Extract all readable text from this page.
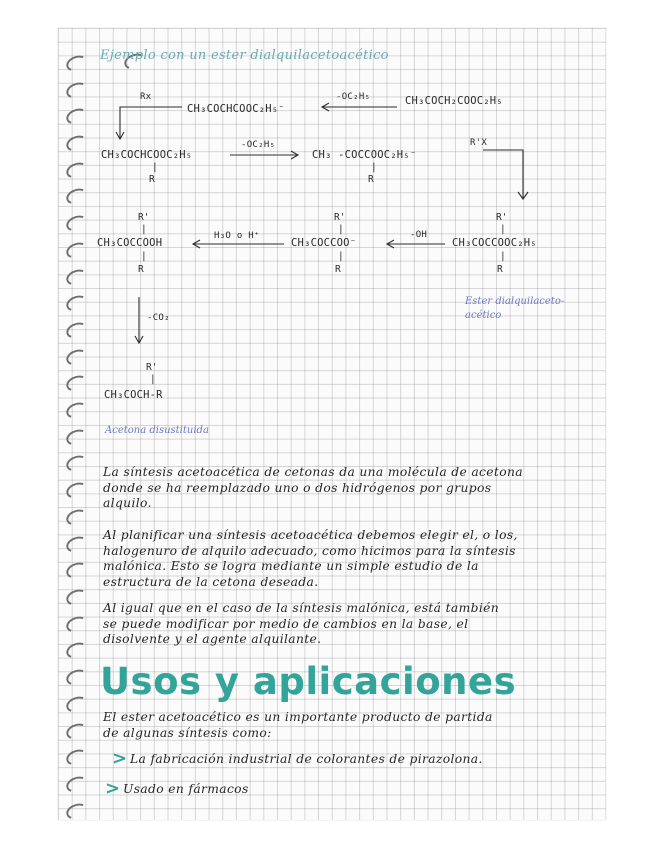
Ejemplo con un ester dialquilacetoacético
CH₃COCH₂COOC₂H₅
-OC₂H₅
CH₃COCHCOOC₂H₅⁻
Rx
CH₃COCHCOOC₂H₅
|
R
-OC₂H₅
CH₃ -COCCOOC₂H₅⁻
|
R
R'X
R'
|
CH₃COCCOOC₂H₅
|
R
Ester dialquilaceto-acético
-OH
R'
|
CH₃COCCOO⁻
|
R
H₃O o H⁺
R'
|
CH₃COCCOOH
|
R
-CO₂
R'
|
CH₃COCH-R
Acetona disustituida
La síntesis acetoacética de cetonas da una molécula de acetona
donde se ha reemplazado uno o dos hidrógenos por grupos
alquilo.
Al planificar una síntesis acetoacética debemos elegir el, o los,
halogenuro de alquilo adecuado, como hicimos para la síntesis
malónica. Esto se logra mediante un simple estudio de la
estructura de la cetona deseada.
Al igual que en el caso de la síntesis malónica, está también
se puede modificar por medio de cambios en la base, el
disolvente y el agente alquilante.
Usos y aplicaciones
El ester acetoacético es un importante producto de partida
de algunas síntesis como:
> La fabricación industrial de colorantes de pirazolona.
> Usado en fármacos
